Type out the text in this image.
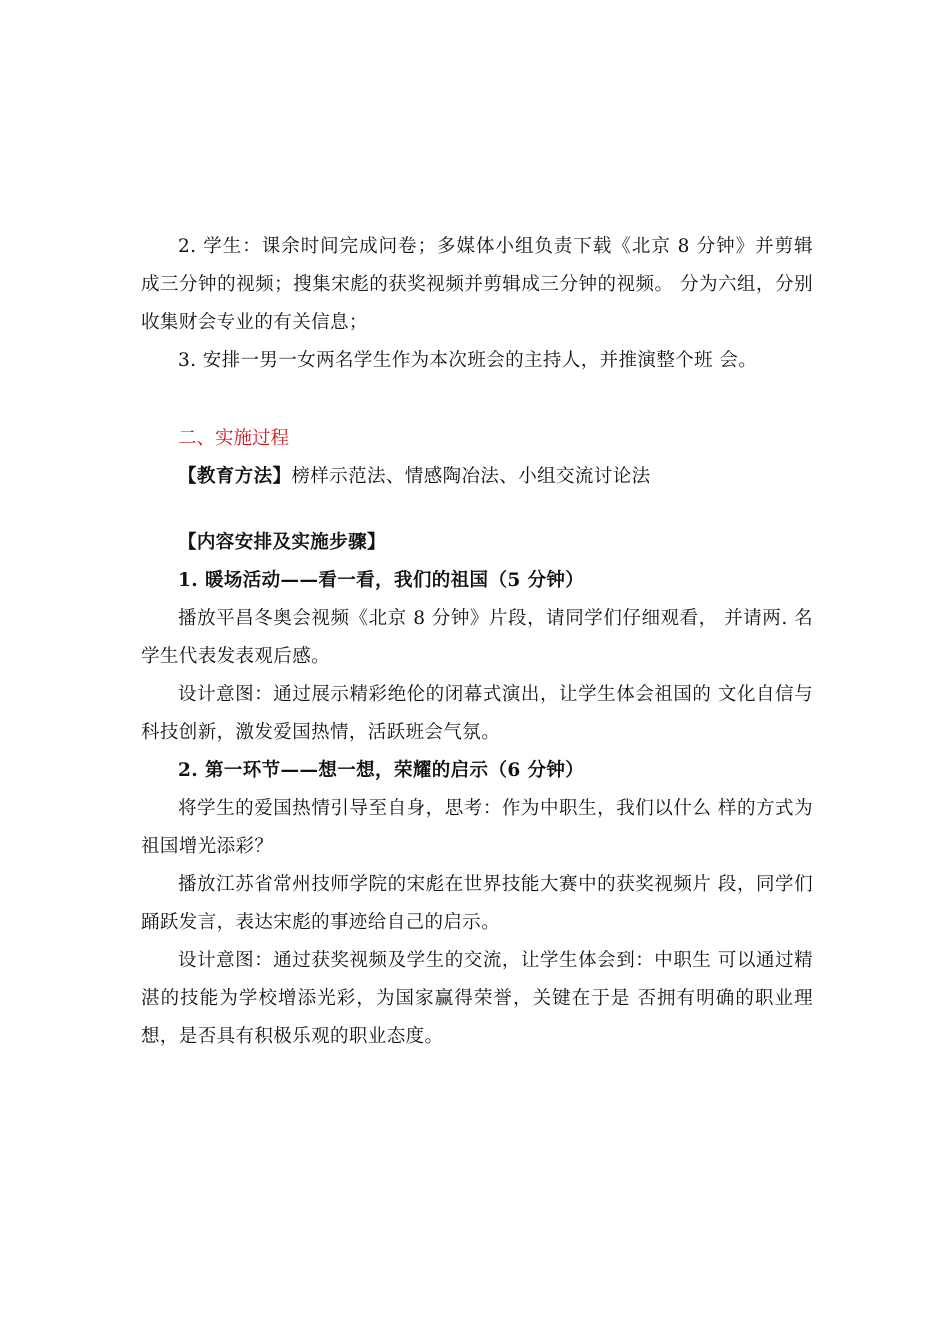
2. 学生：课余时间完成问卷；多媒体小组负责下载《北京 8 分钟》并剪辑成三分钟的视频；搜集宋彪的获奖视频并剪辑成三分钟的视频。 分为六组，分别收集财会专业的有关信息；

3. 安排一男一女两名学生作为本次班会的主持人，并推演整个班 会。

二、实施过程

【教育方法】榜样示范法、情感陶冶法、小组交流讨论法

【内容安排及实施步骤】

1. 暖场活动——看一看，我们的祖国（5 分钟）

播放平昌冬奥会视频《北京 8 分钟》片段，请同学们仔细观看， 并请两. 名学生代表发表观后感。

设计意图：通过展示精彩绝伦的闭幕式演出，让学生体会祖国的 文化自信与科技创新，激发爱国热情，活跃班会气氛。

2. 第一环节——想一想，荣耀的启示（6 分钟）

将学生的爱国热情引导至自身，思考：作为中职生，我们以什么 样的方式为祖国增光添彩？

播放江苏省常州技师学院的宋彪在世界技能大赛中的获奖视频片 段，同学们踊跃发言，表达宋彪的事迹给自己的启示。

设计意图：通过获奖视频及学生的交流，让学生体会到：中职生 可以通过精湛的技能为学校增添光彩，为国家赢得荣誉，关键在于是 否拥有明确的职业理想，是否具有积极乐观的职业态度。
